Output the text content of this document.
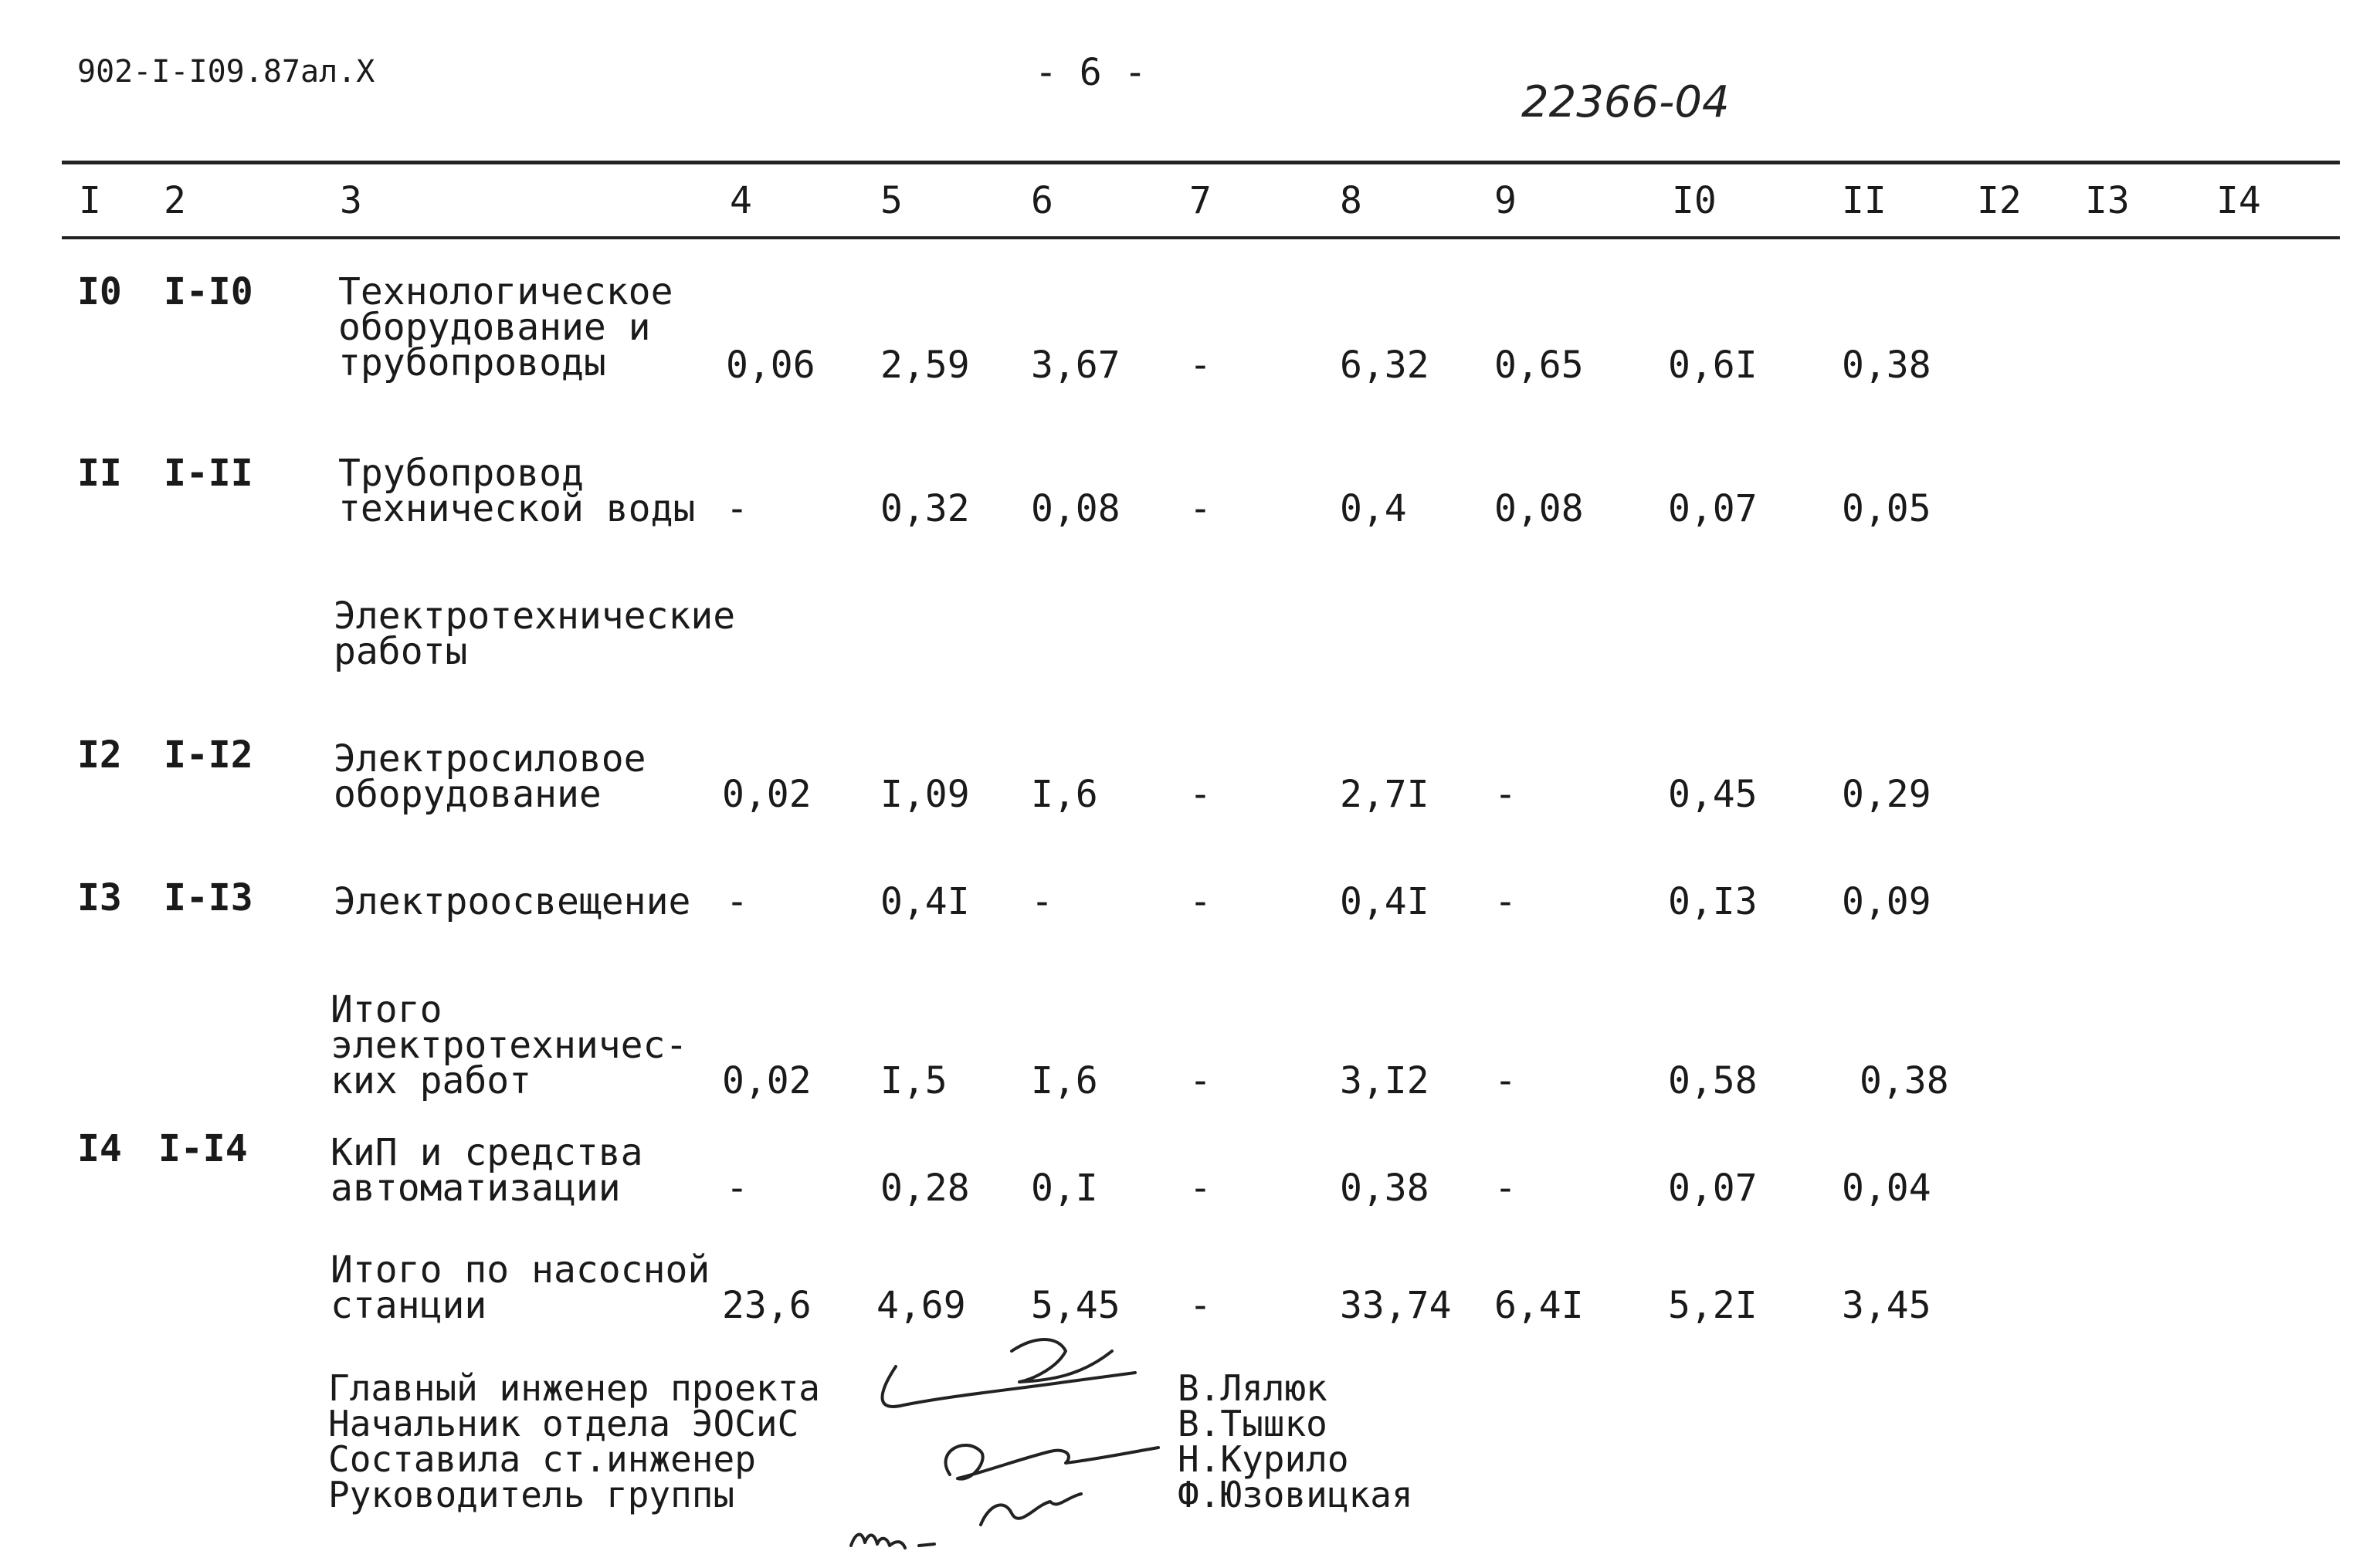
902-I-I09.87ал.X	- 6 -
22366-04
I 2	3	4	5	6	7	8	9	I0	II I2 I3 I4
I0 I-I0 Технологическое
оборудование и
трубопроводы	0,06 2,59 3,67 -	6,32 0,65 0,6I 0,38
II I-II Трубопровод
технической воды -	0,32 0,08 -	0,4 0,08 0,07 0,05
Электротехнические
работы
I2 I-I2 Электросиловое
оборудование	0,02 I,09 I,6 -	2,7I -	0,45 0,29
I3 I-I3 Электроосвещение -	0,4I -	-	0,4I -	0,I3 0,09
Итого
электротехничес-
ких работ	0,02 I,5 I,6 -	3,I2 -	0,58	0,38
I4 I-I4 КиП и средства
автоматизации	-	0,28 0,I -	0,38 -	0,07 0,04
Итого по насосной
станции	23,6 4,69 5,45 -	33,74 6,4I 5,2I 3,45
Главный инженер проекта
Начальник отдела ЭОСиС
Составила ст.инженер
Руководитель группы
В.Лялюк
В.Тышко
Н.Курило
Ф.Юзовицкая
